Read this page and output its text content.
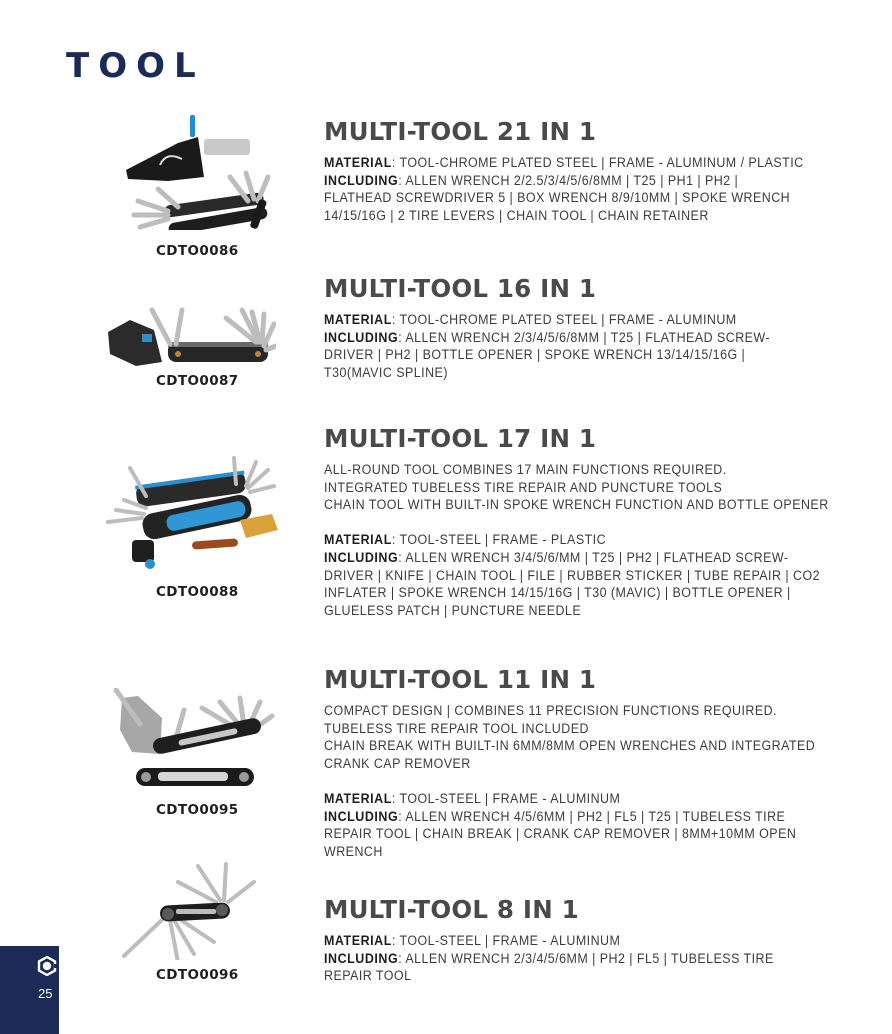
TOOL
CDTO0086
MULTI-TOOL 21 IN 1

MATERIAL: TOOL-CHROME PLATED STEEL | FRAME - ALUMINUM / PLASTIC

INCLUDING: ALLEN WRENCH 2/2.5/3/4/5/6/8MM | T25 | PH1 | PH2 |

FLATHEAD SCREWDRIVER 5 | BOX WRENCH 8/9/10MM | SPOKE WRENCH

14/15/16G | 2 TIRE LEVERS | CHAIN TOOL | CHAIN RETAINER

CDTO0087
MULTI-TOOL 16 IN 1

MATERIAL: TOOL-CHROME PLATED STEEL | FRAME - ALUMINUM

INCLUDING: ALLEN WRENCH 2/3/4/5/6/8MM | T25 | FLATHEAD SCREW-

DRIVER | PH2 | BOTTLE OPENER | SPOKE WRENCH 13/14/15/16G |

T30(MAVIC SPLINE)

CDTO0088
MULTI-TOOL 17 IN 1

ALL-ROUND TOOL COMBINES 17 MAIN FUNCTIONS REQUIRED.

INTEGRATED TUBELESS TIRE REPAIR AND PUNCTURE TOOLS

CHAIN TOOL WITH BUILT-IN SPOKE WRENCH FUNCTION AND BOTTLE OPENER

MATERIAL: TOOL-STEEL | FRAME - PLASTIC

INCLUDING: ALLEN WRENCH 3/4/5/6/MM | T25 | PH2 | FLATHEAD SCREW-

DRIVER | KNIFE | CHAIN TOOL | FILE | RUBBER STICKER | TUBE REPAIR | CO2

INFLATER | SPOKE WRENCH 14/15/16G | T30 (MAVIC) | BOTTLE OPENER |

GLUELESS PATCH | PUNCTURE NEEDLE

CDTO0095
MULTI-TOOL 11 IN 1

COMPACT DESIGN | COMBINES 11 PRECISION FUNCTIONS REQUIRED.

TUBELESS TIRE REPAIR TOOL INCLUDED

CHAIN BREAK WITH BUILT-IN 6MM/8MM OPEN WRENCHES AND INTEGRATED

CRANK CAP REMOVER

MATERIAL: TOOL-STEEL | FRAME - ALUMINUM

INCLUDING: ALLEN WRENCH 4/5/6MM | PH2 | FL5 | T25 | TUBELESS TIRE

REPAIR TOOL | CHAIN BREAK | CRANK CAP REMOVER | 8MM+10MM OPEN

WRENCH

CDTO0096
MULTI-TOOL 8 IN 1

MATERIAL: TOOL-STEEL | FRAME - ALUMINUM

INCLUDING: ALLEN WRENCH 2/3/4/5/6MM | PH2 | FL5 | TUBELESS TIRE

REPAIR TOOL

25
